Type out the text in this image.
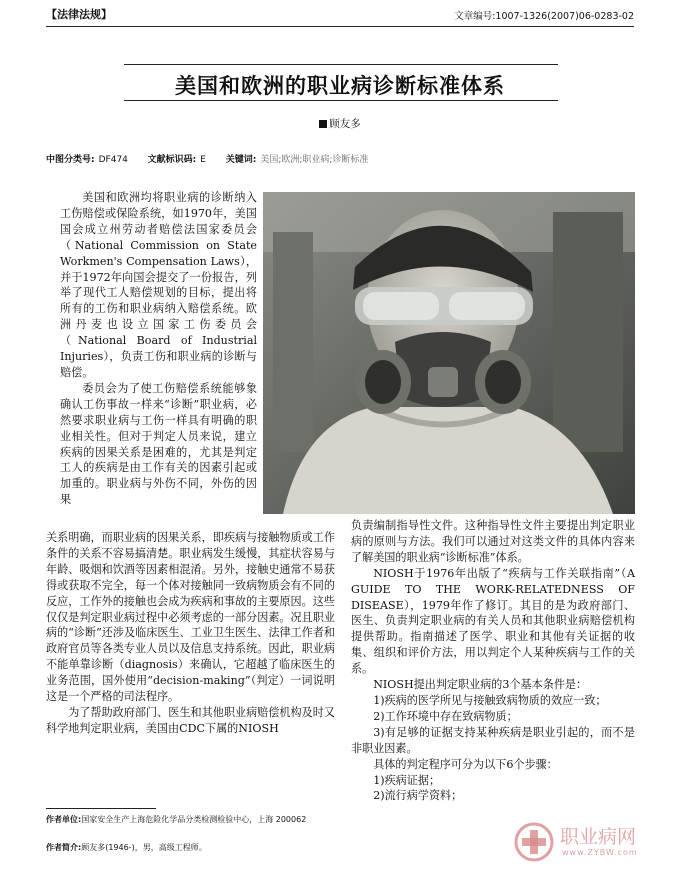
【法律法规】	文章编号:1007-1326(2007)06-0283-02
美国和欧洲的职业病诊断标准体系
顾友多
中图分类号: DF474 文献标识码: E 关键词: 美国;欧洲;职业病;诊断标准

美国和欧洲均将职业病的诊断纳入工伤赔偿或保险系统，如1970年，美国国会成立州劳动者赔偿法国家委员会（National Commission on State Workmen's Compensation Laws），并于1972年向国会提交了一份报告，列举了现代工人赔偿规划的目标，提出将所有的工伤和职业病纳入赔偿系统。欧洲丹麦也设立国家工伤委员会（National Board of Industrial Injuries），负责工伤和职业病的诊断与赔偿。

委员会为了使工伤赔偿系统能够象确认工伤事故一样来“诊断”职业病，必然要求职业病与工伤一样具有明确的职业相关性。但对于判定人员来说，建立疾病的因果关系是困难的，尤其是判定工人的疾病是由工作有关的因素引起或加重的。职业病与外伤不同，外伤的因果

关系明确，而职业病的因果关系，即疾病与接触物质或工作条件的关系不容易搞清楚。职业病发生缓慢，其症状容易与年龄、吸烟和饮酒等因素相混淆。另外，接触史通常不易获得或获取不完全，每一个体对接触同一致病物质会有不同的反应，工作外的接触也会成为疾病和事故的主要原因。这些仅仅是判定职业病过程中必须考虑的一部分因素。况且职业病的“诊断”还涉及临床医生、工业卫生医生、法律工作者和政府官员等各类专业人员以及信息支持系统。因此，职业病不能单靠诊断（diagnosis）来确认，它超越了临床医生的业务范围，国外使用“decision-making”（判定）一词说明这是一个严格的司法程序。

为了帮助政府部门、医生和其他职业病赔偿机构及时又科学地判定职业病，美国由CDC下属的NIOSH

负责编制指导性文件。这种指导性文件主要提出判定职业病的原则与方法。我们可以通过对这类文件的具体内容来了解美国的职业病“诊断标准”体系。

NIOSH于1976年出版了“疾病与工作关联指南”（A GUIDE TO THE WORK-RELATEDNESS OF DISEASE），1979年作了修订。其目的是为政府部门、医生、负责判定职业病的有关人员和其他职业病赔偿机构提供帮助。指南描述了医学、职业和其他有关证据的收集、组织和评价方法，用以判定个人某种疾病与工作的关系。

NIOSH提出判定职业病的3个基本条件是：

1)疾病的医学所见与接触致病物质的效应一致；

2)工作环境中存在致病物质；

3)有足够的证据支持某种疾病是职业引起的，而不是非职业因素。

具体的判定程序可分为以下6个步骤：

1)疾病证据；

2)流行病学资料；

作者单位:国家安全生产上海危险化学品分类检测检验中心，上海 200062
作者简介:顾友多(1946-)，男，高级工程师。	职业病网
www.ZYBW.com
